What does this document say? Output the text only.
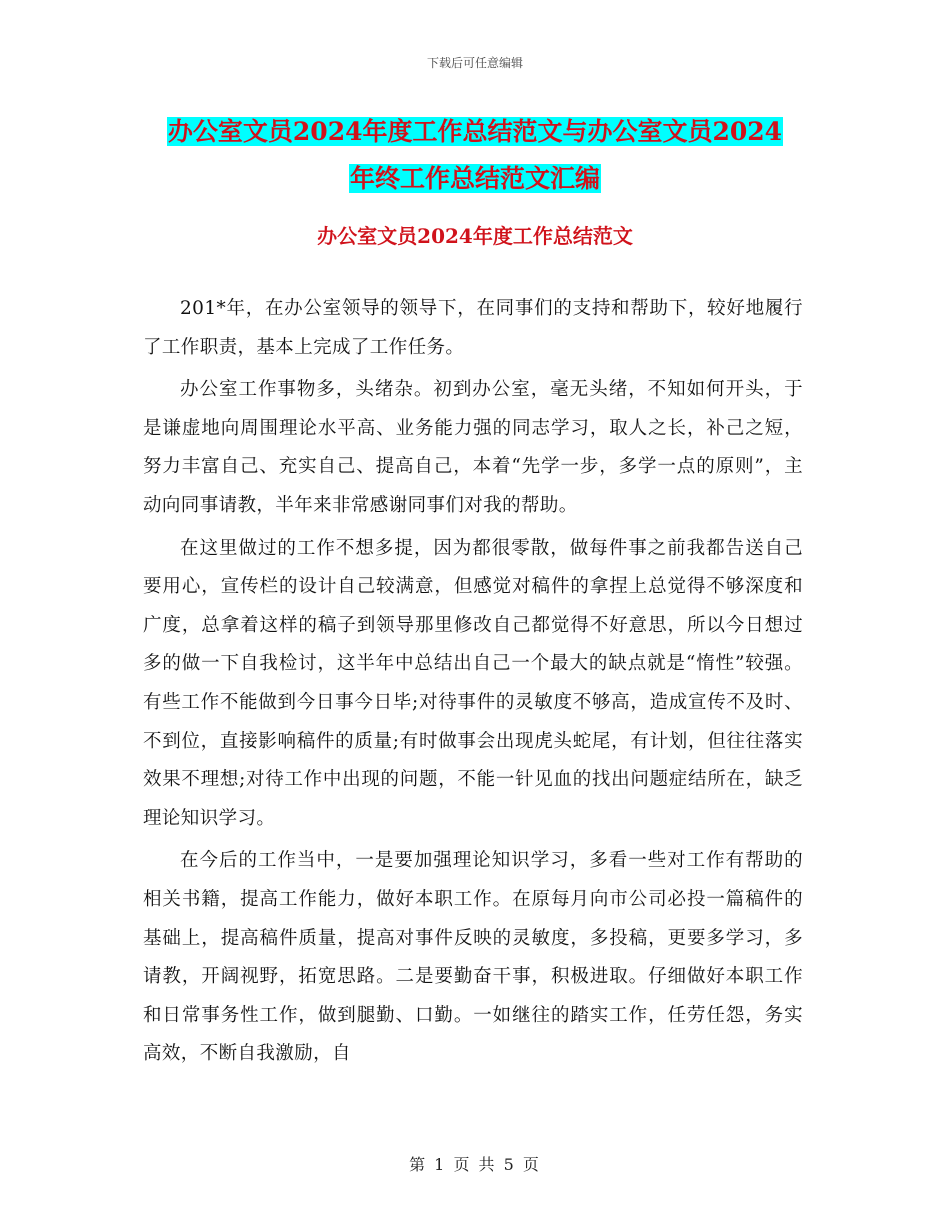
下载后可任意编辑
办公室文员2024年度工作总结范文与办公室文员2024
年终工作总结范文汇编
办公室文员2024年度工作总结范文

201*年，在办公室领导的领导下，在同事们的支持和帮助下，较好地履行了工作职责，基本上完成了工作任务。

办公室工作事物多，头绪杂。初到办公室，毫无头绪，不知如何开头，于是谦虚地向周围理论水平高、业务能力强的同志学习，取人之长，补己之短，努力丰富自己、充实自己、提高自己，本着“先学一步，多学一点的原则”，主动向同事请教，半年来非常感谢同事们对我的帮助。

在这里做过的工作不想多提，因为都很零散，做每件事之前我都告送自己要用心，宣传栏的设计自己较满意，但感觉对稿件的拿捏上总觉得不够深度和广度，总拿着这样的稿子到领导那里修改自己都觉得不好意思，所以今日想过多的做一下自我检讨，这半年中总结出自己一个最大的缺点就是“惰性”较强。有些工作不能做到今日事今日毕;对待事件的灵敏度不够高，造成宣传不及时、不到位，直接影响稿件的质量;有时做事会出现虎头蛇尾，有计划，但往往落实效果不理想;对待工作中出现的问题，不能一针见血的找出问题症结所在，缺乏理论知识学习。

在今后的工作当中，一是要加强理论知识学习，多看一些对工作有帮助的相关书籍，提高工作能力，做好本职工作。在原每月向市公司必投一篇稿件的基础上，提高稿件质量，提高对事件反映的灵敏度，多投稿，更要多学习，多请教，开阔视野，拓宽思路。二是要勤奋干事，积极进取。仔细做好本职工作和日常事务性工作，做到腿勤、口勤。一如继往的踏实工作，任劳任怨，务实高效，不断自我激励，自

第 1 页 共 5 页
